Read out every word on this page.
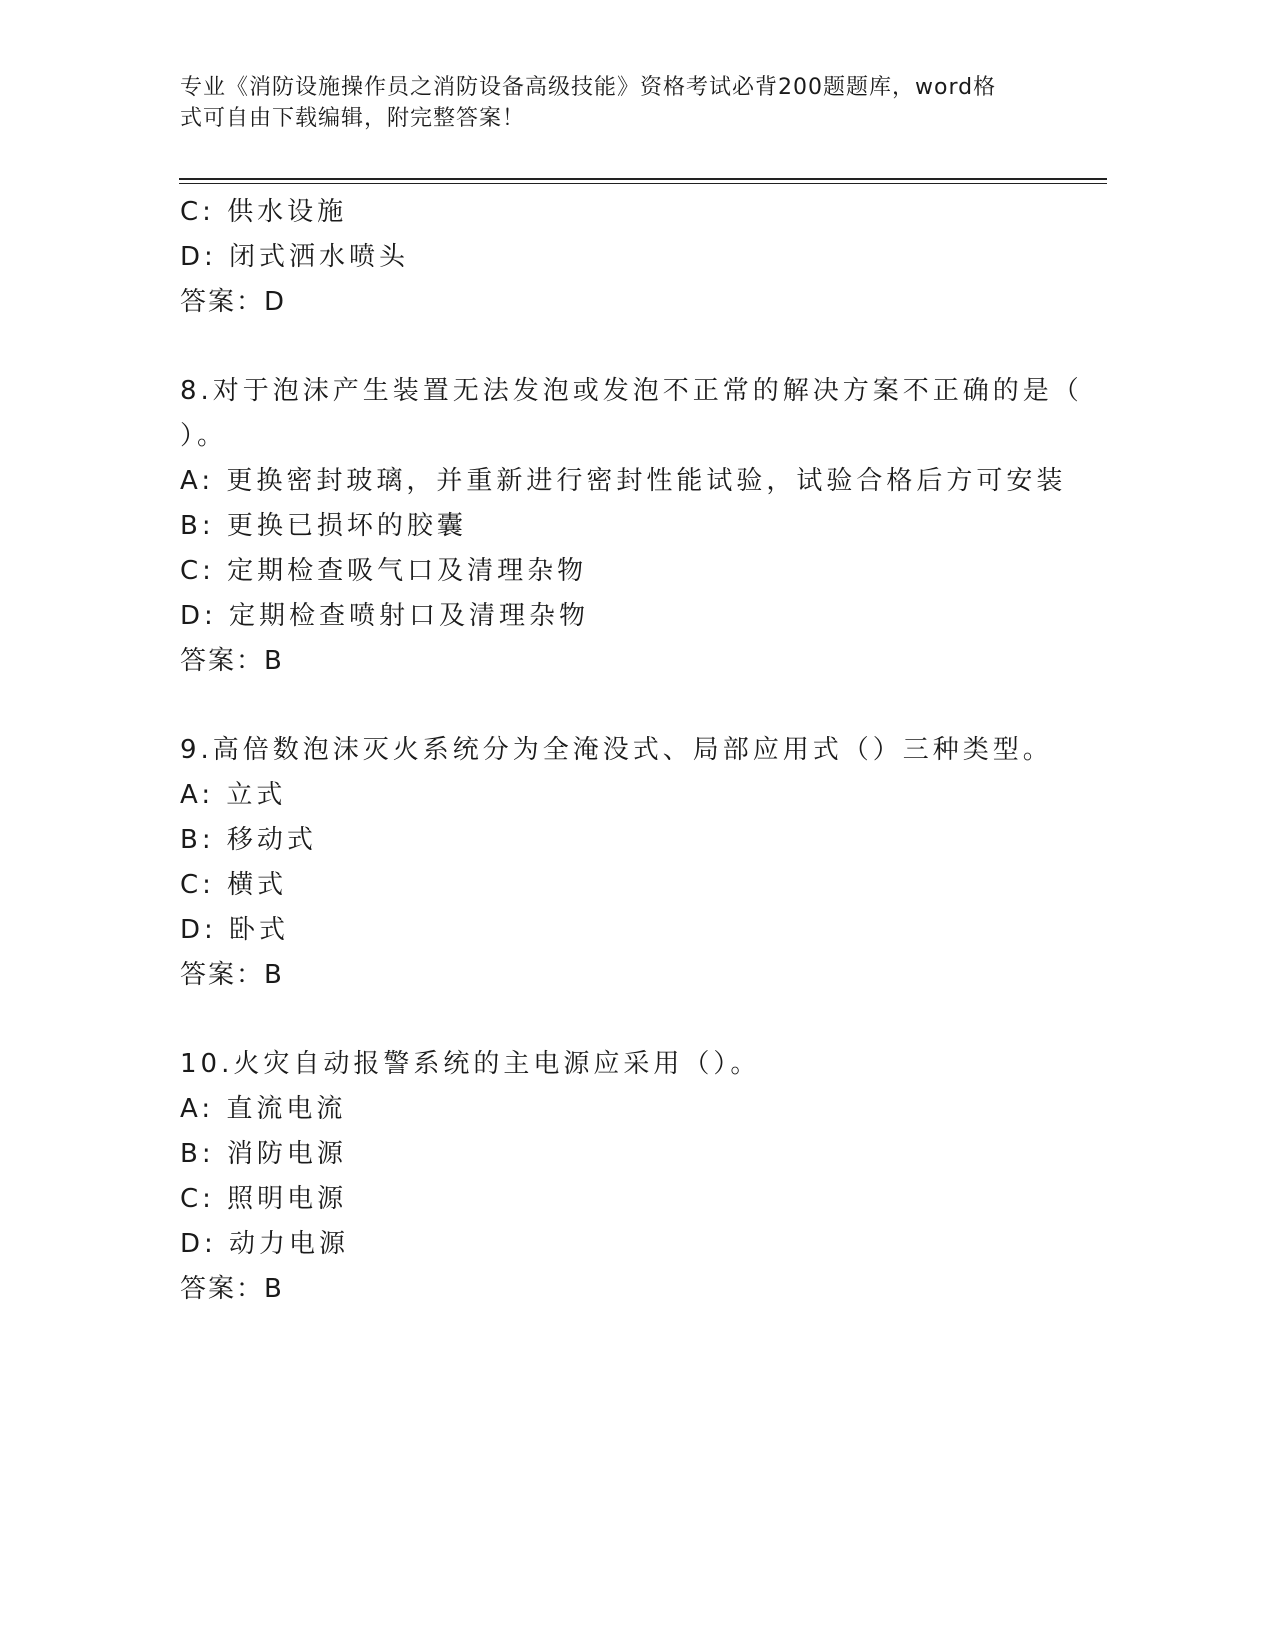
专业《消防设施操作员之消防设备高级技能》资格考试必背200题题库，word格
式可自由下载编辑，附完整答案！
C: 供水设施
D: 闭式洒水喷头
答案：D
8.对于泡沫产生装置无法发泡或发泡不正常的解决方案不正确的是（
）。
A: 更换密封玻璃，并重新进行密封性能试验，试验合格后方可安装
B: 更换已损坏的胶囊
C: 定期检查吸气口及清理杂物
D: 定期检查喷射口及清理杂物
答案：B
9.高倍数泡沫灭火系统分为全淹没式、局部应用式（）三种类型。
A: 立式
B: 移动式
C: 横式
D: 卧式
答案：B
10.火灾自动报警系统的主电源应采用（）。
A: 直流电流
B: 消防电源
C: 照明电源
D: 动力电源
答案：B
